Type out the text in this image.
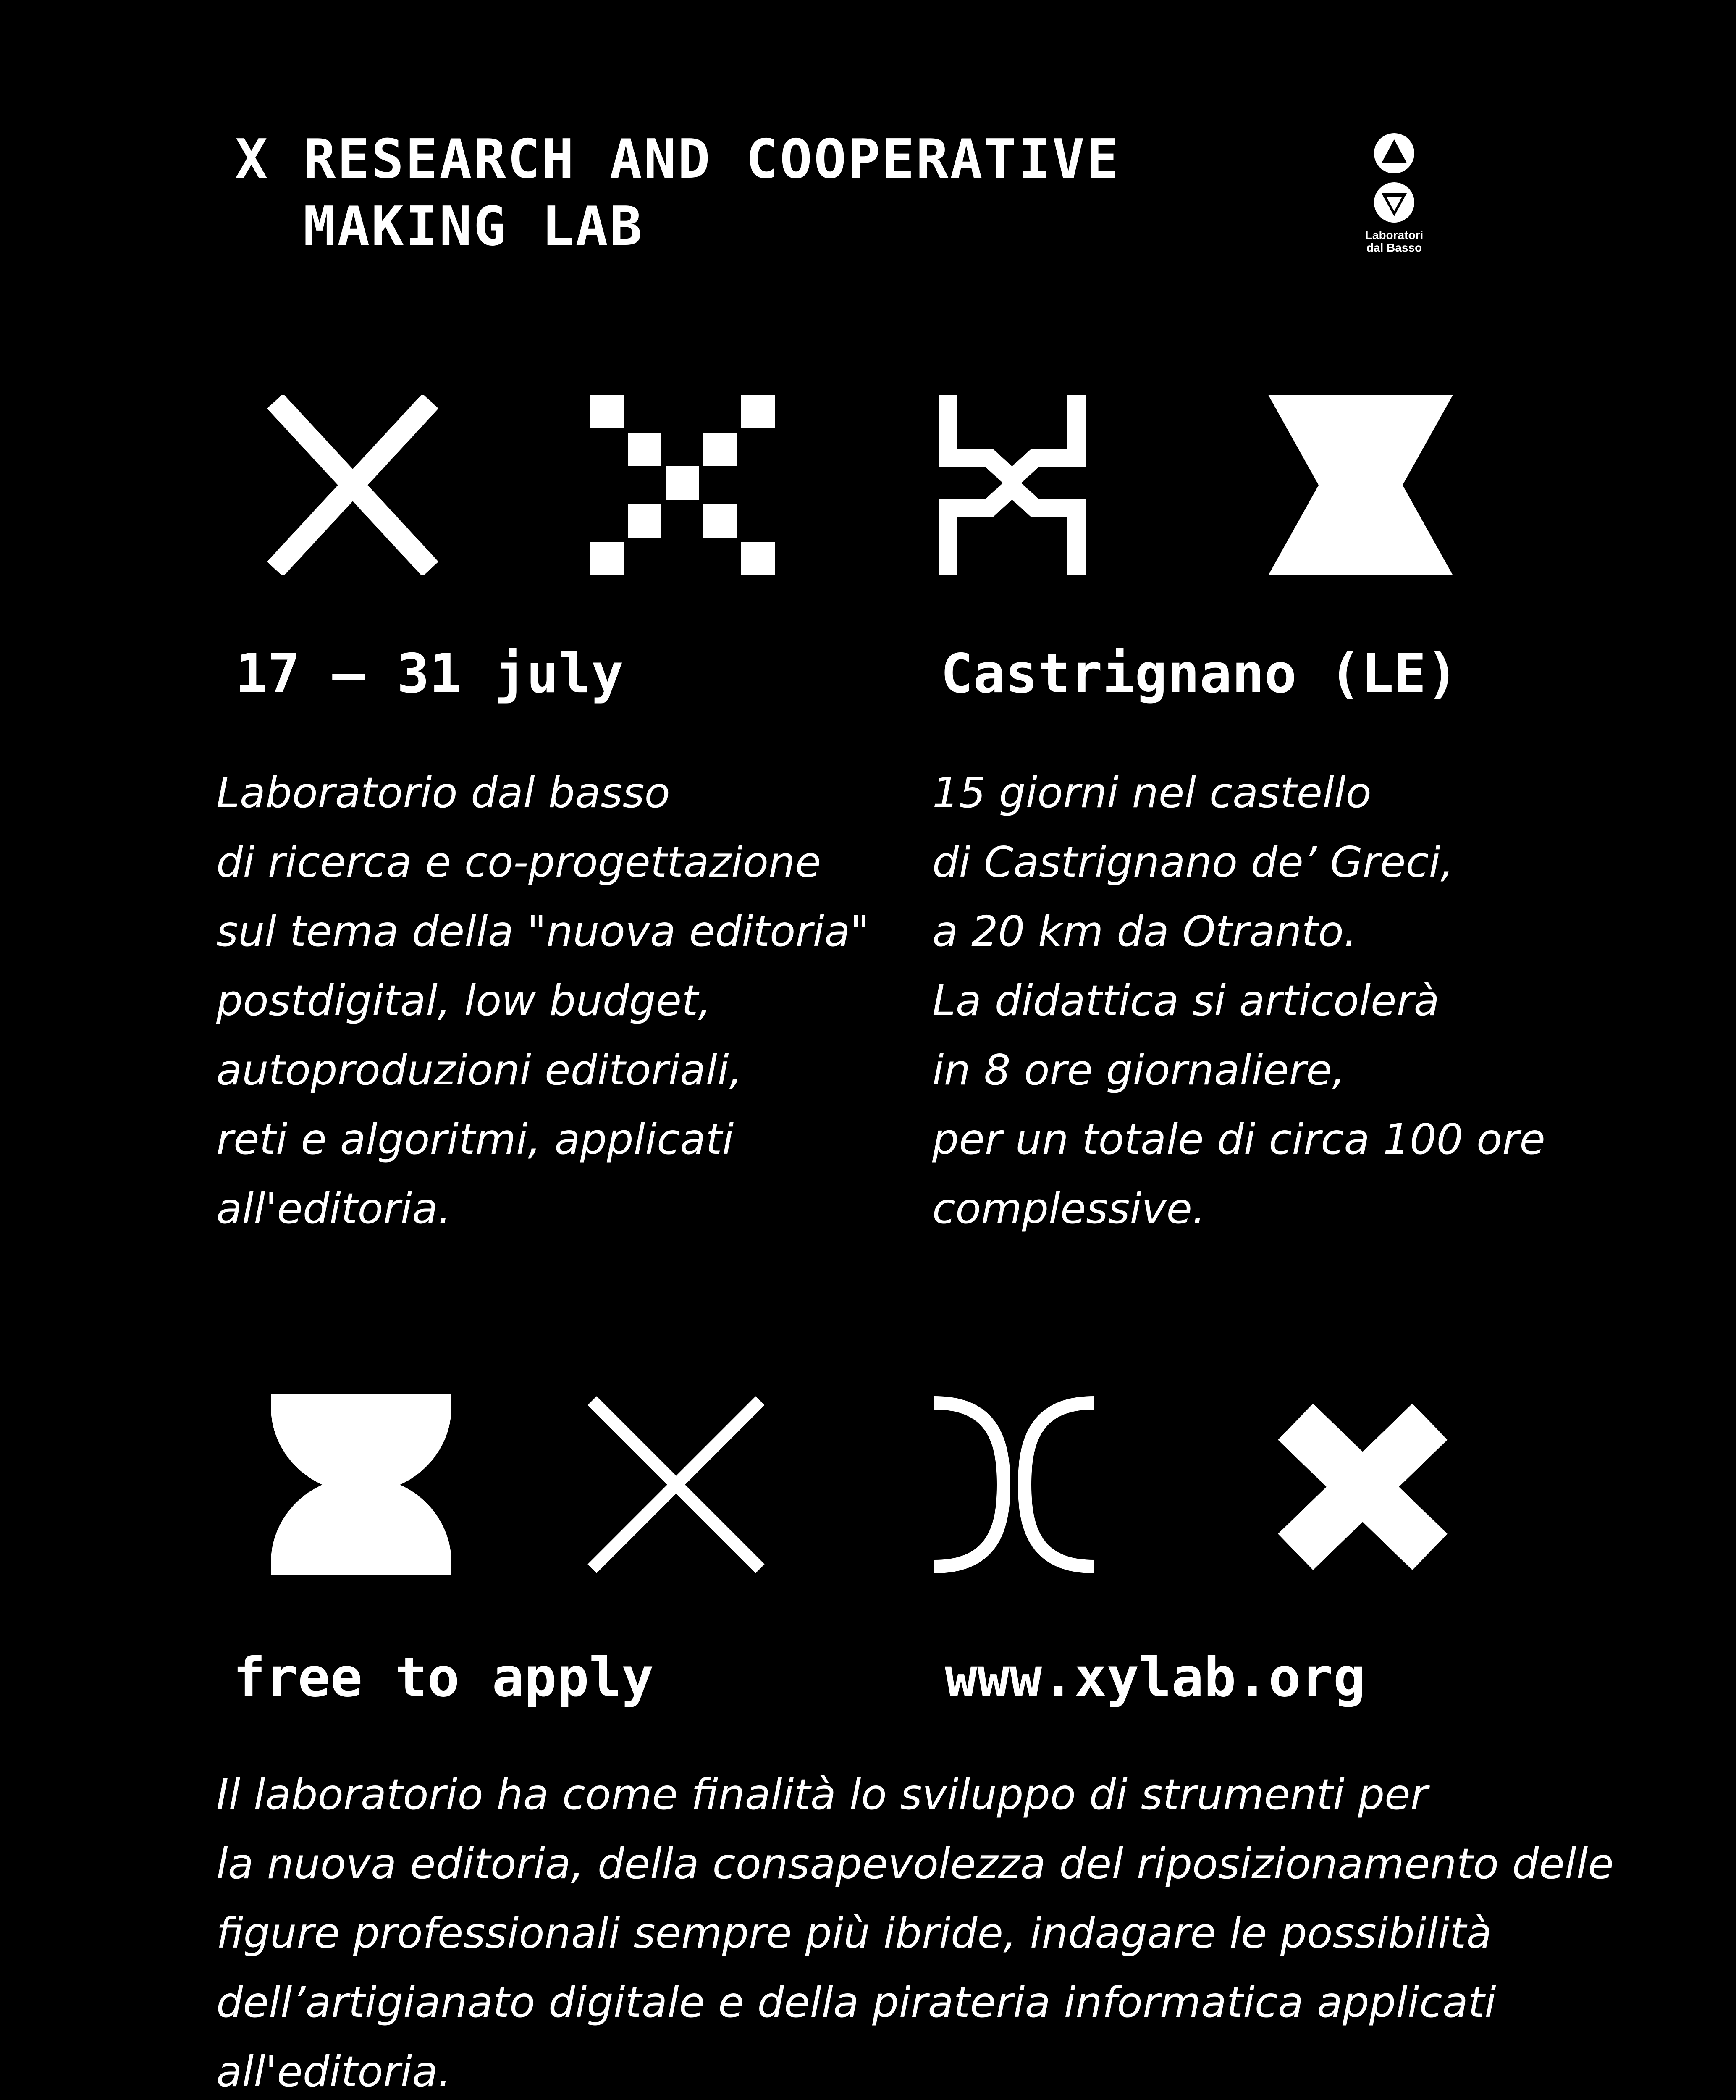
X RESEARCH AND COOPERATIVE
MAKING LAB	Laboratori
dal Basso
17 – 31 july	Castrignano (LE)
Laboratorio dal basso
di ricerca e co-progettazione
sul tema della "nuova editoria"
postdigital, low budget,
autoproduzioni editoriali,
reti e algoritmi, applicati
all'editoria.
15 giorni nel castello
di Castrignano de’ Greci,
a 20 km da Otranto.
La didattica si articolerà
in 8 ore giornaliere,
per un totale di circa 100 ore
complessive.
free to apply	www.xylab.org
Il laboratorio ha come finalità lo sviluppo di strumenti per
la nuova editoria, della consapevolezza del riposizionamento delle
figure professionali sempre più ibride, indagare le possibilità
dell’artigianato digitale e della pirateria informatica applicati
all'editoria.
